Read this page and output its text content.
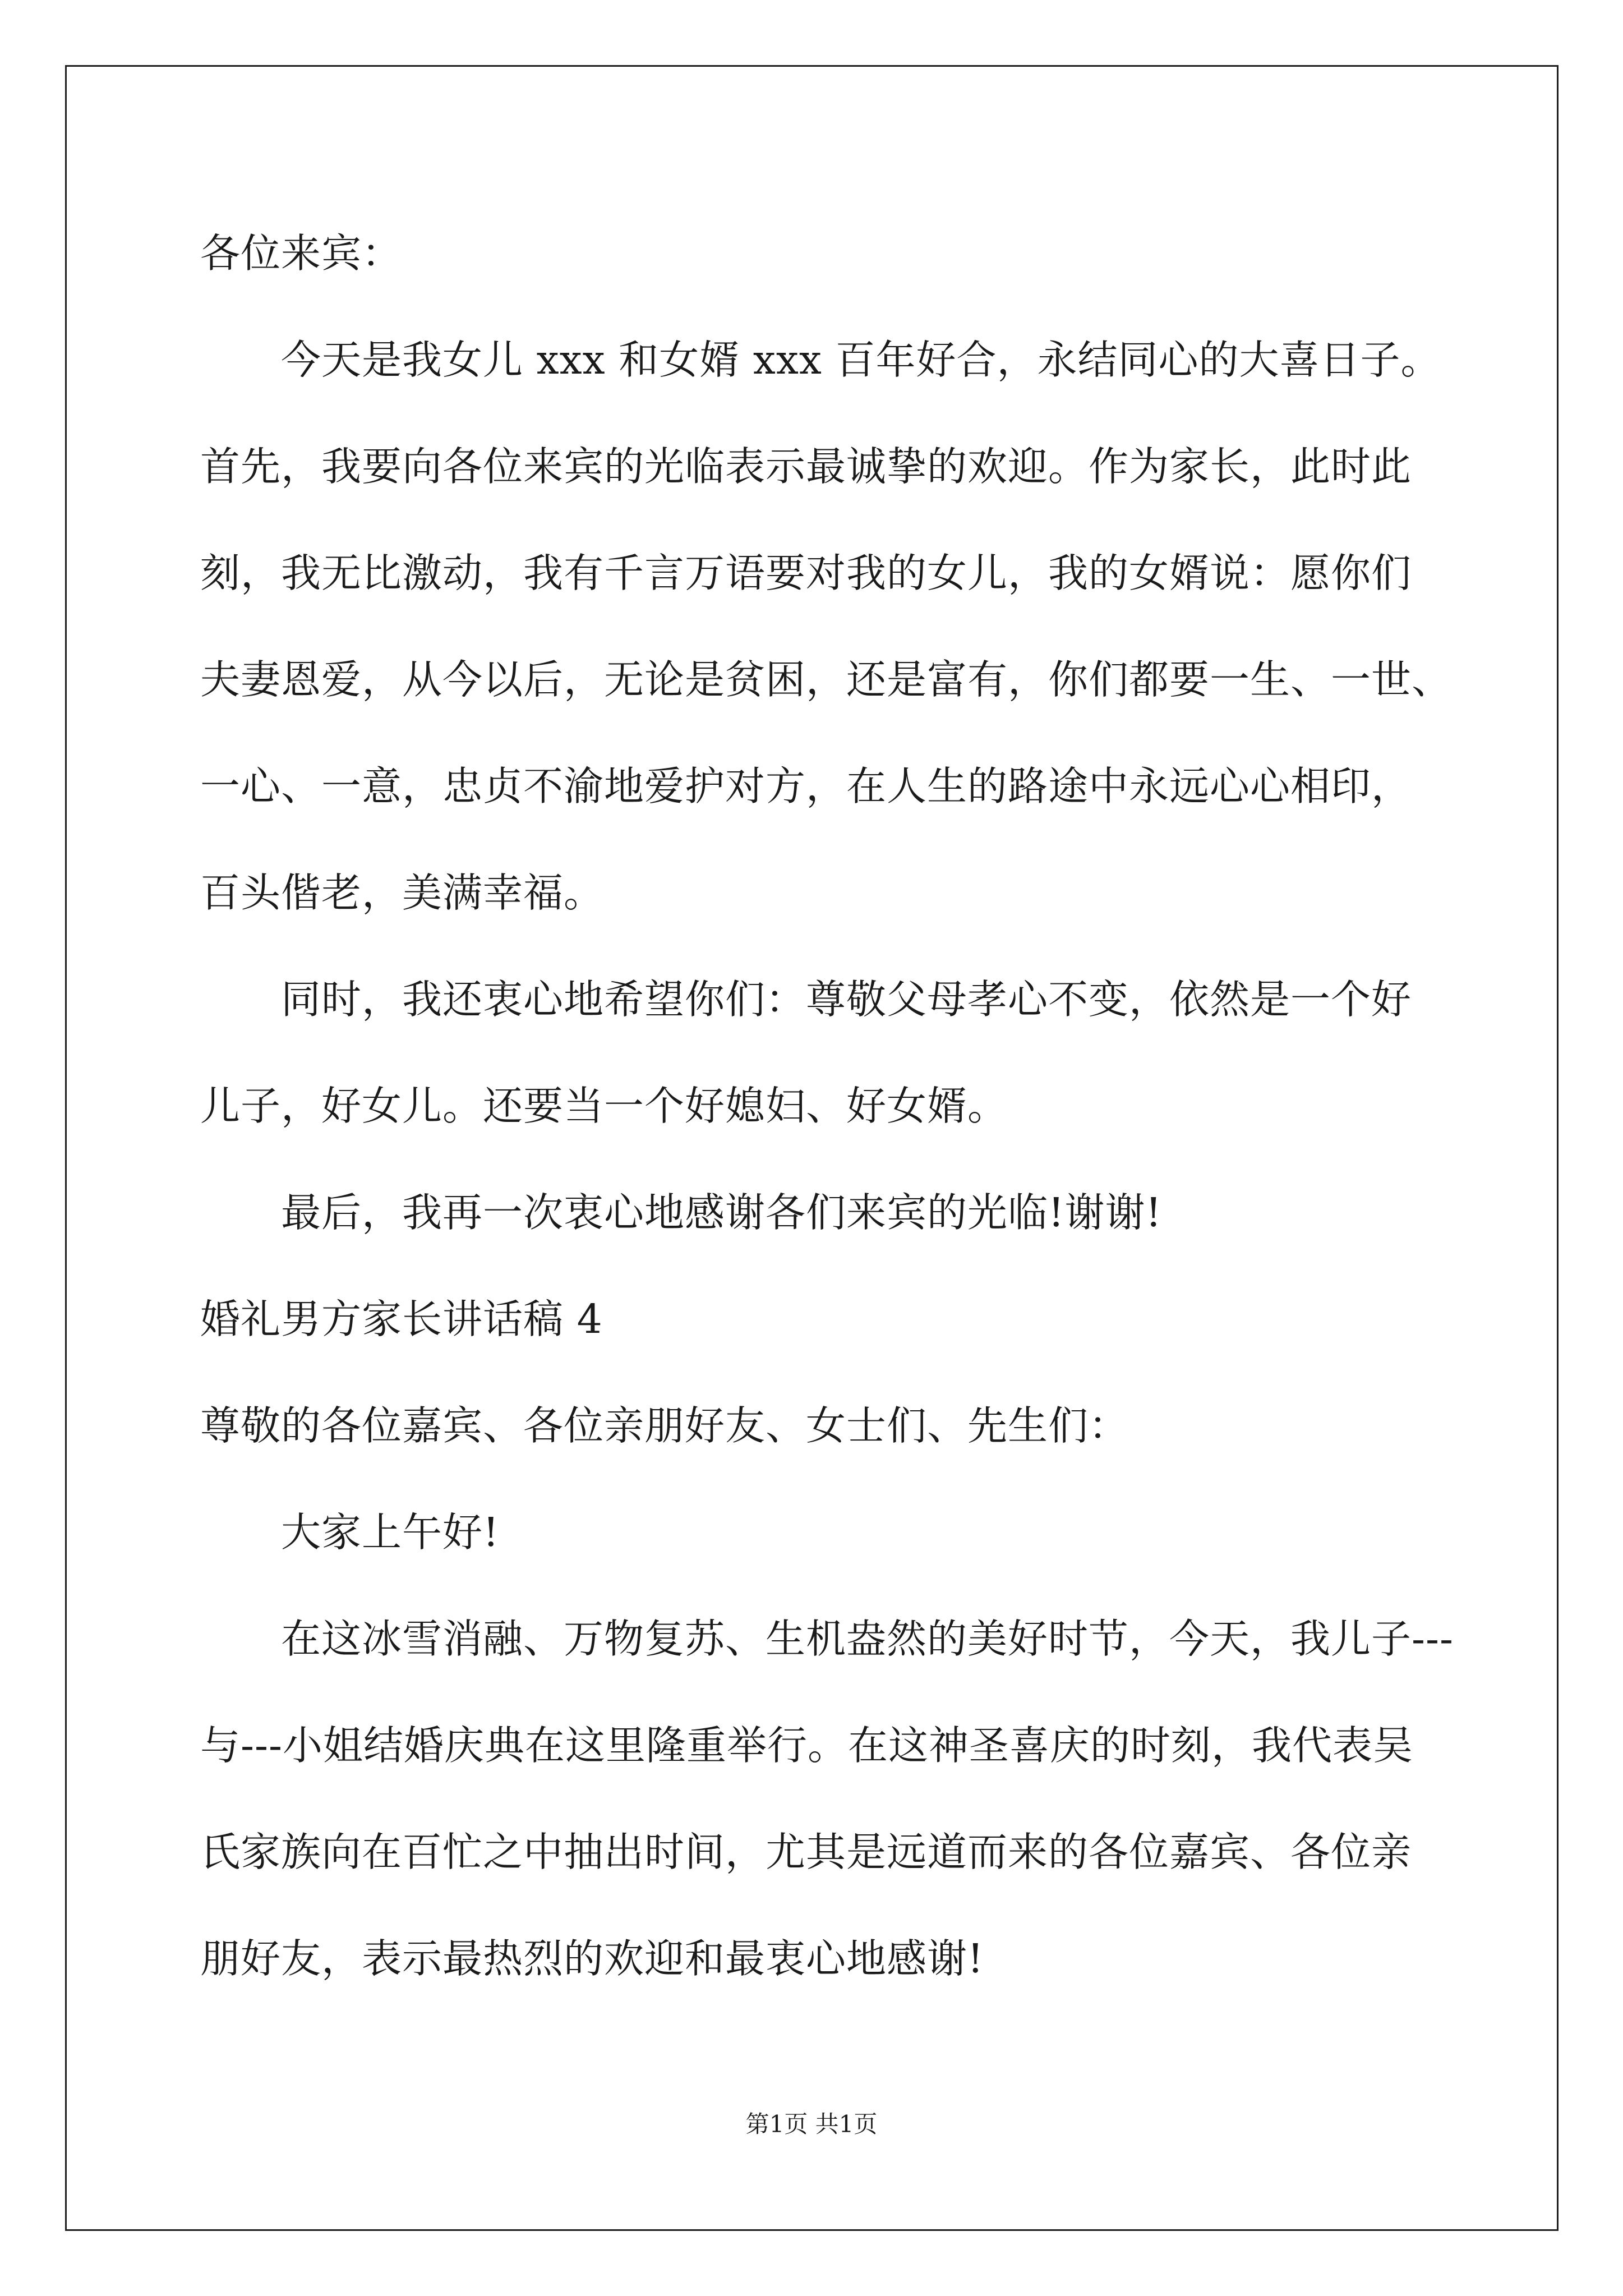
各位来宾：
今天是我女儿 xxx 和女婿 xxx 百年好合，永结同心的大喜日子。
首先，我要向各位来宾的光临表示最诚挚的欢迎。作为家长，此时此
刻，我无比激动，我有千言万语要对我的女儿，我的女婿说：愿你们
夫妻恩爱，从今以后，无论是贫困，还是富有，你们都要一生、一世、
一心、一意，忠贞不渝地爱护对方，在人生的路途中永远心心相印，
百头偕老，美满幸福。
同时，我还衷心地希望你们：尊敬父母孝心不变，依然是一个好
儿子，好女儿。还要当一个好媳妇、好女婿。
最后，我再一次衷心地感谢各们来宾的光临!谢谢!
婚礼男方家长讲话稿 4
尊敬的各位嘉宾、各位亲朋好友、女士们、先生们：
大家上午好!
在这冰雪消融、万物复苏、生机盎然的美好时节，今天，我儿子---
与---小姐结婚庆典在这里隆重举行。在这神圣喜庆的时刻，我代表吴
氏家族向在百忙之中抽出时间，尤其是远道而来的各位嘉宾、各位亲
朋好友，表示最热烈的欢迎和最衷心地感谢!
第1页 共1页
